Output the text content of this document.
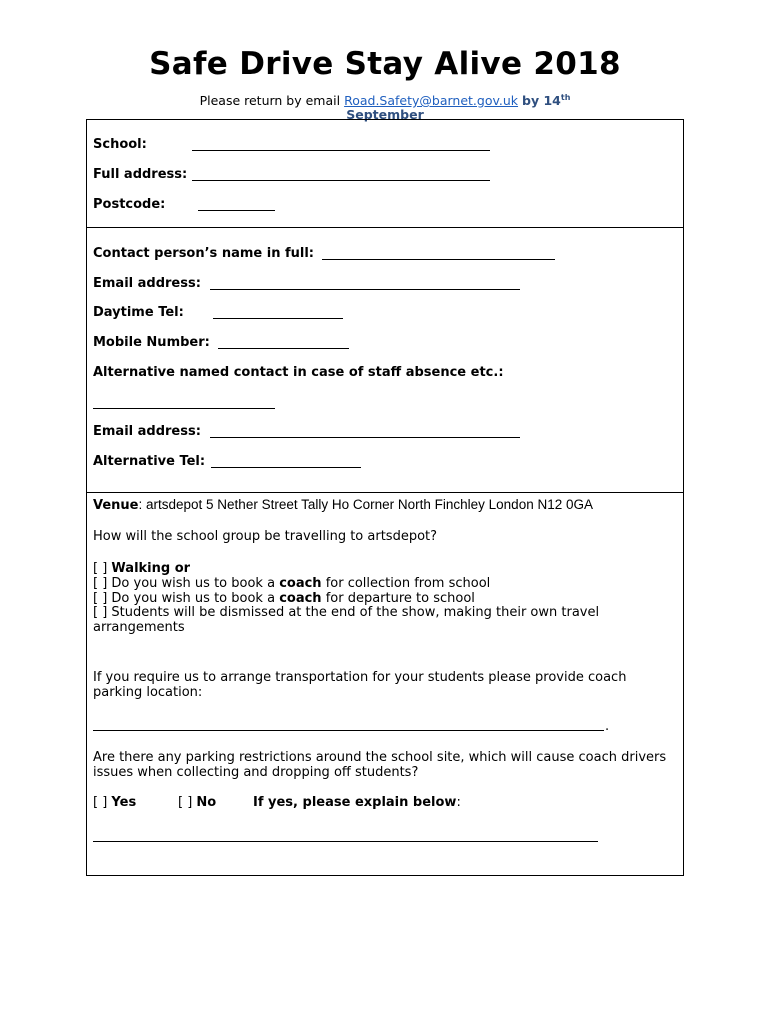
Safe Drive Stay Alive 2018
Please return by email Road.Safety@barnet.gov.uk by 14th
September
School:
Full address:
Postcode:
Contact person’s name in full:
Email address:
Daytime Tel:
Mobile Number:
Alternative named contact in case of staff absence etc.:
Email address:
Alternative Tel:
Venue: artsdepot 5 Nether Street Tally Ho Corner North Finchley London N12 0GA
How will the school group be travelling to artsdepot?
[ ] Walking or
[ ] Do you wish us to book a coach for collection from school
[ ] Do you wish us to book a coach for departure to school
[ ] Students will be dismissed at the end of the show, making their own travel arrangements
If you require us to arrange transportation for your students please provide coach parking location:
.
Are there any parking restrictions around the school site, which will cause coach drivers issues when collecting and dropping off students?
[ ] Yes	[ ] No	If yes, please explain below:
